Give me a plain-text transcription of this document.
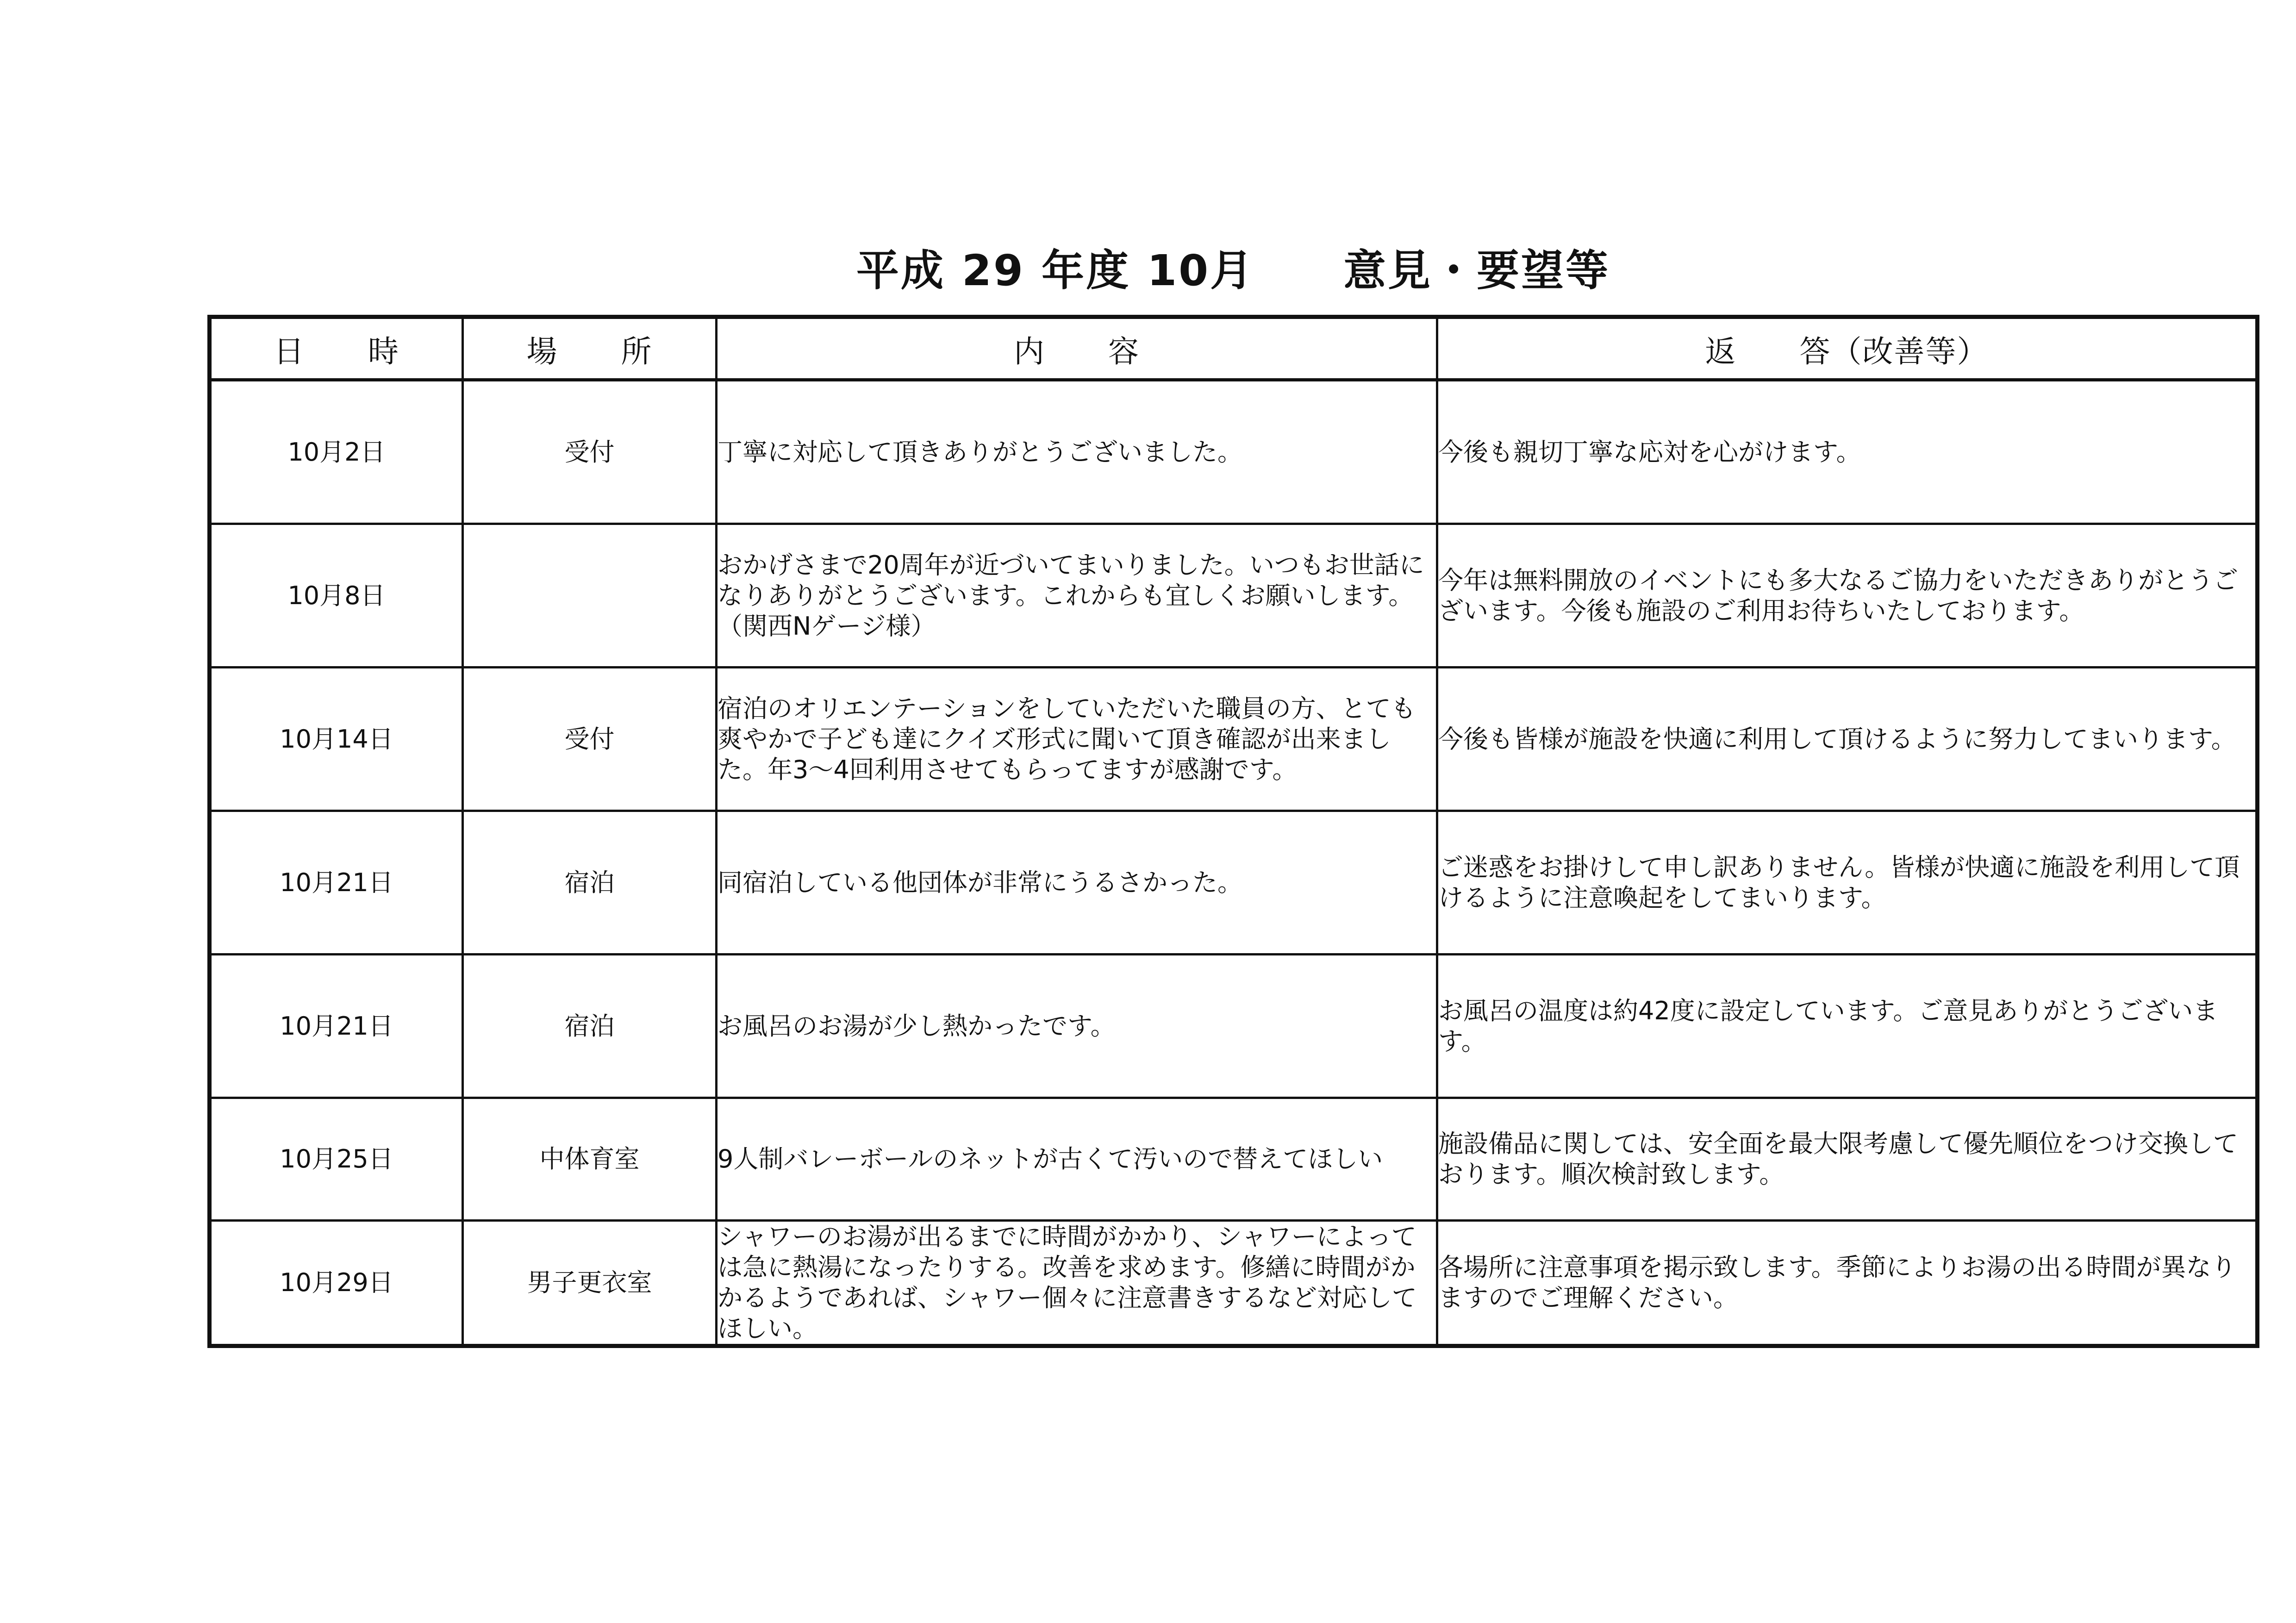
平成 29 年度 10月　　意見・要望等
日　　時	場　　所	内　　容	返　　答（改善等）
10月2日	受付	丁寧に対応して頂きありがとうございました。	今後も親切丁寧な応対を心がけます。
10月8日		おかげさまで20周年が近づいてまいりました。いつもお世話になりありがとうございます。これからも宜しくお願いします。（関西Nゲージ様）	今年は無料開放のイベントにも多大なるご協力をいただきありがとうございます。今後も施設のご利用お待ちいたしております。
10月14日	受付	宿泊のオリエンテーションをしていただいた職員の方、とても爽やかで子ども達にクイズ形式に聞いて頂き確認が出来ました。年3～4回利用させてもらってますが感謝です。	今後も皆様が施設を快適に利用して頂けるように努力してまいります。
10月21日	宿泊	同宿泊している他団体が非常にうるさかった。	ご迷惑をお掛けして申し訳ありません。皆様が快適に施設を利用して頂けるように注意喚起をしてまいります。
10月21日	宿泊	お風呂のお湯が少し熱かったです。	お風呂の温度は約42度に設定しています。ご意見ありがとうございます。
10月25日	中体育室	9人制バレーボールのネットが古くて汚いので替えてほしい	施設備品に関しては、安全面を最大限考慮して優先順位をつけ交換しております。順次検討致します。
10月29日	男子更衣室	シャワーのお湯が出るまでに時間がかかり、シャワーによっては急に熱湯になったりする。改善を求めます。修繕に時間がかかるようであれば、シャワー個々に注意書きするなど対応してほしい。	各場所に注意事項を掲示致します。季節によりお湯の出る時間が異なりますのでご理解ください。
